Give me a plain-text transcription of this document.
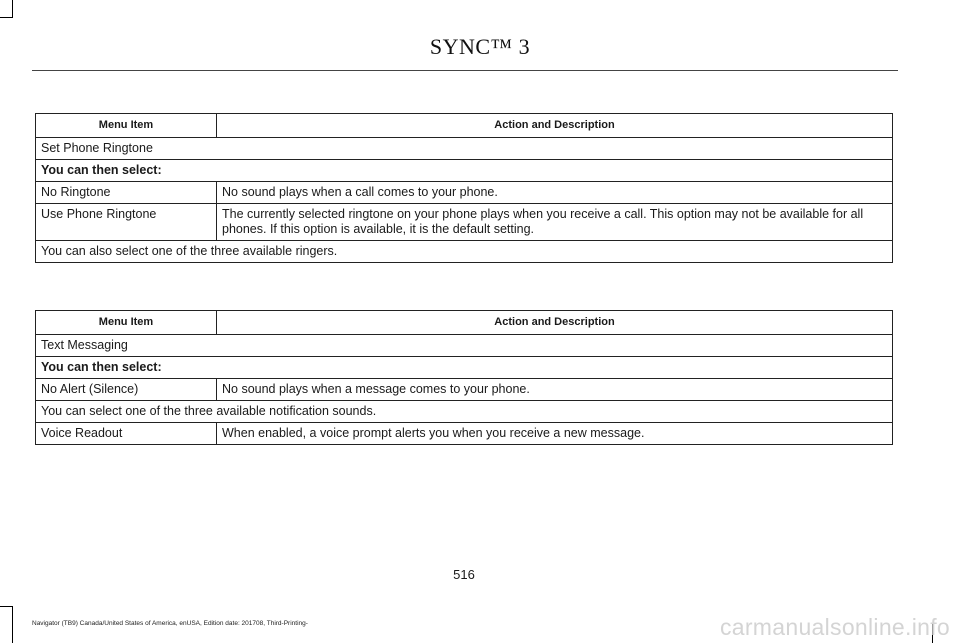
SYNC™ 3
Menu Item	Action and Description
Set Phone Ringtone	
You can then select:	
No Ringtone	No sound plays when a call comes to your phone.
Use Phone Ringtone	The currently selected ringtone on your phone plays when you receive a call. This option may not be available for all phones. If this option is available, it is the default setting.
You can also select one of the three available ringers.	
Menu Item	Action and Description
Text Messaging	
You can then select:	
No Alert (Silence)	No sound plays when a message comes to your phone.
You can select one of the three available notification sounds.	
Voice Readout	When enabled, a voice prompt alerts you when you receive a new message.
516
Navigator (TB9) Canada/United States of America, enUSA, Edition date: 201708, Third-Printing-	carmanualsonline.info
